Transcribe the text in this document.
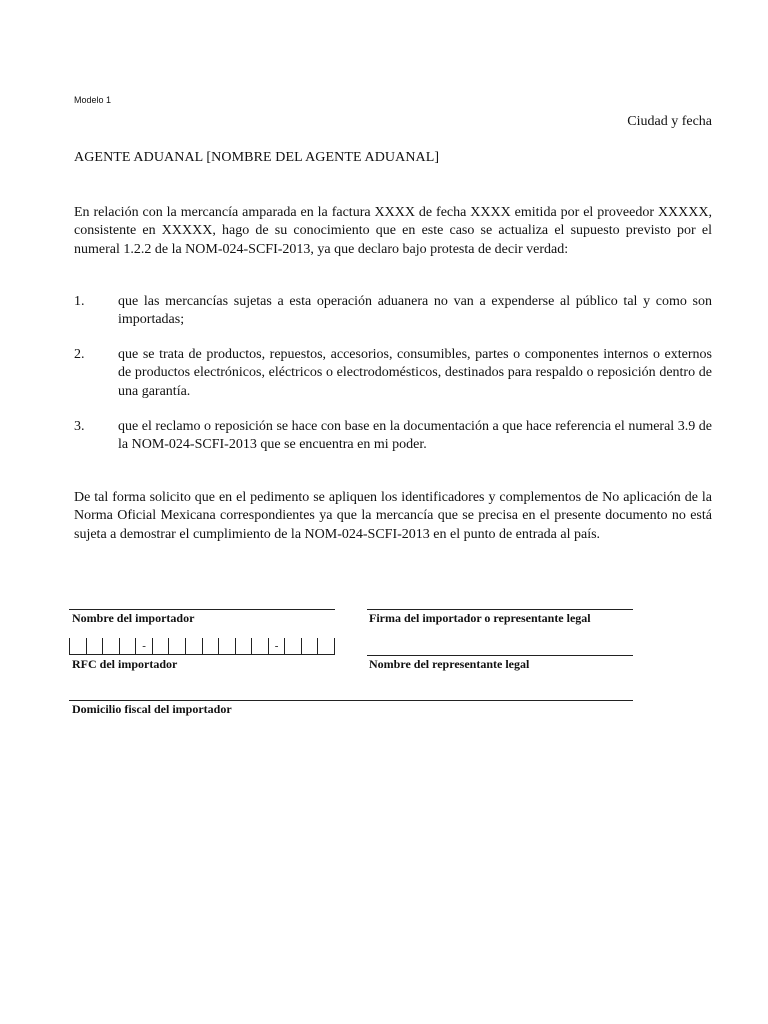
Modelo 1
Ciudad y fecha
AGENTE ADUANAL [NOMBRE DEL AGENTE ADUANAL]

En relación con la mercancía amparada en la factura XXXX de fecha XXXX emitida por el proveedor XXXXX, consistente en XXXXX, hago de su conocimiento que en este caso se actualiza el supuesto previsto por el numeral 1.2.2 de la NOM-024-SCFI-2013, ya que declaro bajo protesta de decir verdad:

1. que las mercancías sujetas a esta operación aduanera no van a expenderse al público tal y como son importadas;
2. que se trata de productos, repuestos, accesorios, consumibles, partes o componentes internos o externos de productos electrónicos, eléctricos o electrodomésticos, destinados para respaldo o reposición dentro de una garantía.
3. que el reclamo o reposición se hace con base en la documentación a que hace referencia el numeral 3.9 de la NOM-024-SCFI-2013 que se encuentra en mi poder.

De tal forma solicito que en el pedimento se apliquen los identificadores y complementos de No aplicación de la Norma Oficial Mexicana correspondientes ya que la mercancía que se precisa en el presente documento no está sujeta a demostrar el cumplimiento de la NOM-024-SCFI-2013 en el punto de entrada al país.

Nombre del importador	Firma del importador o representante legal
-	-
RFC del importador	Nombre del representante legal
Domicilio fiscal del importador
